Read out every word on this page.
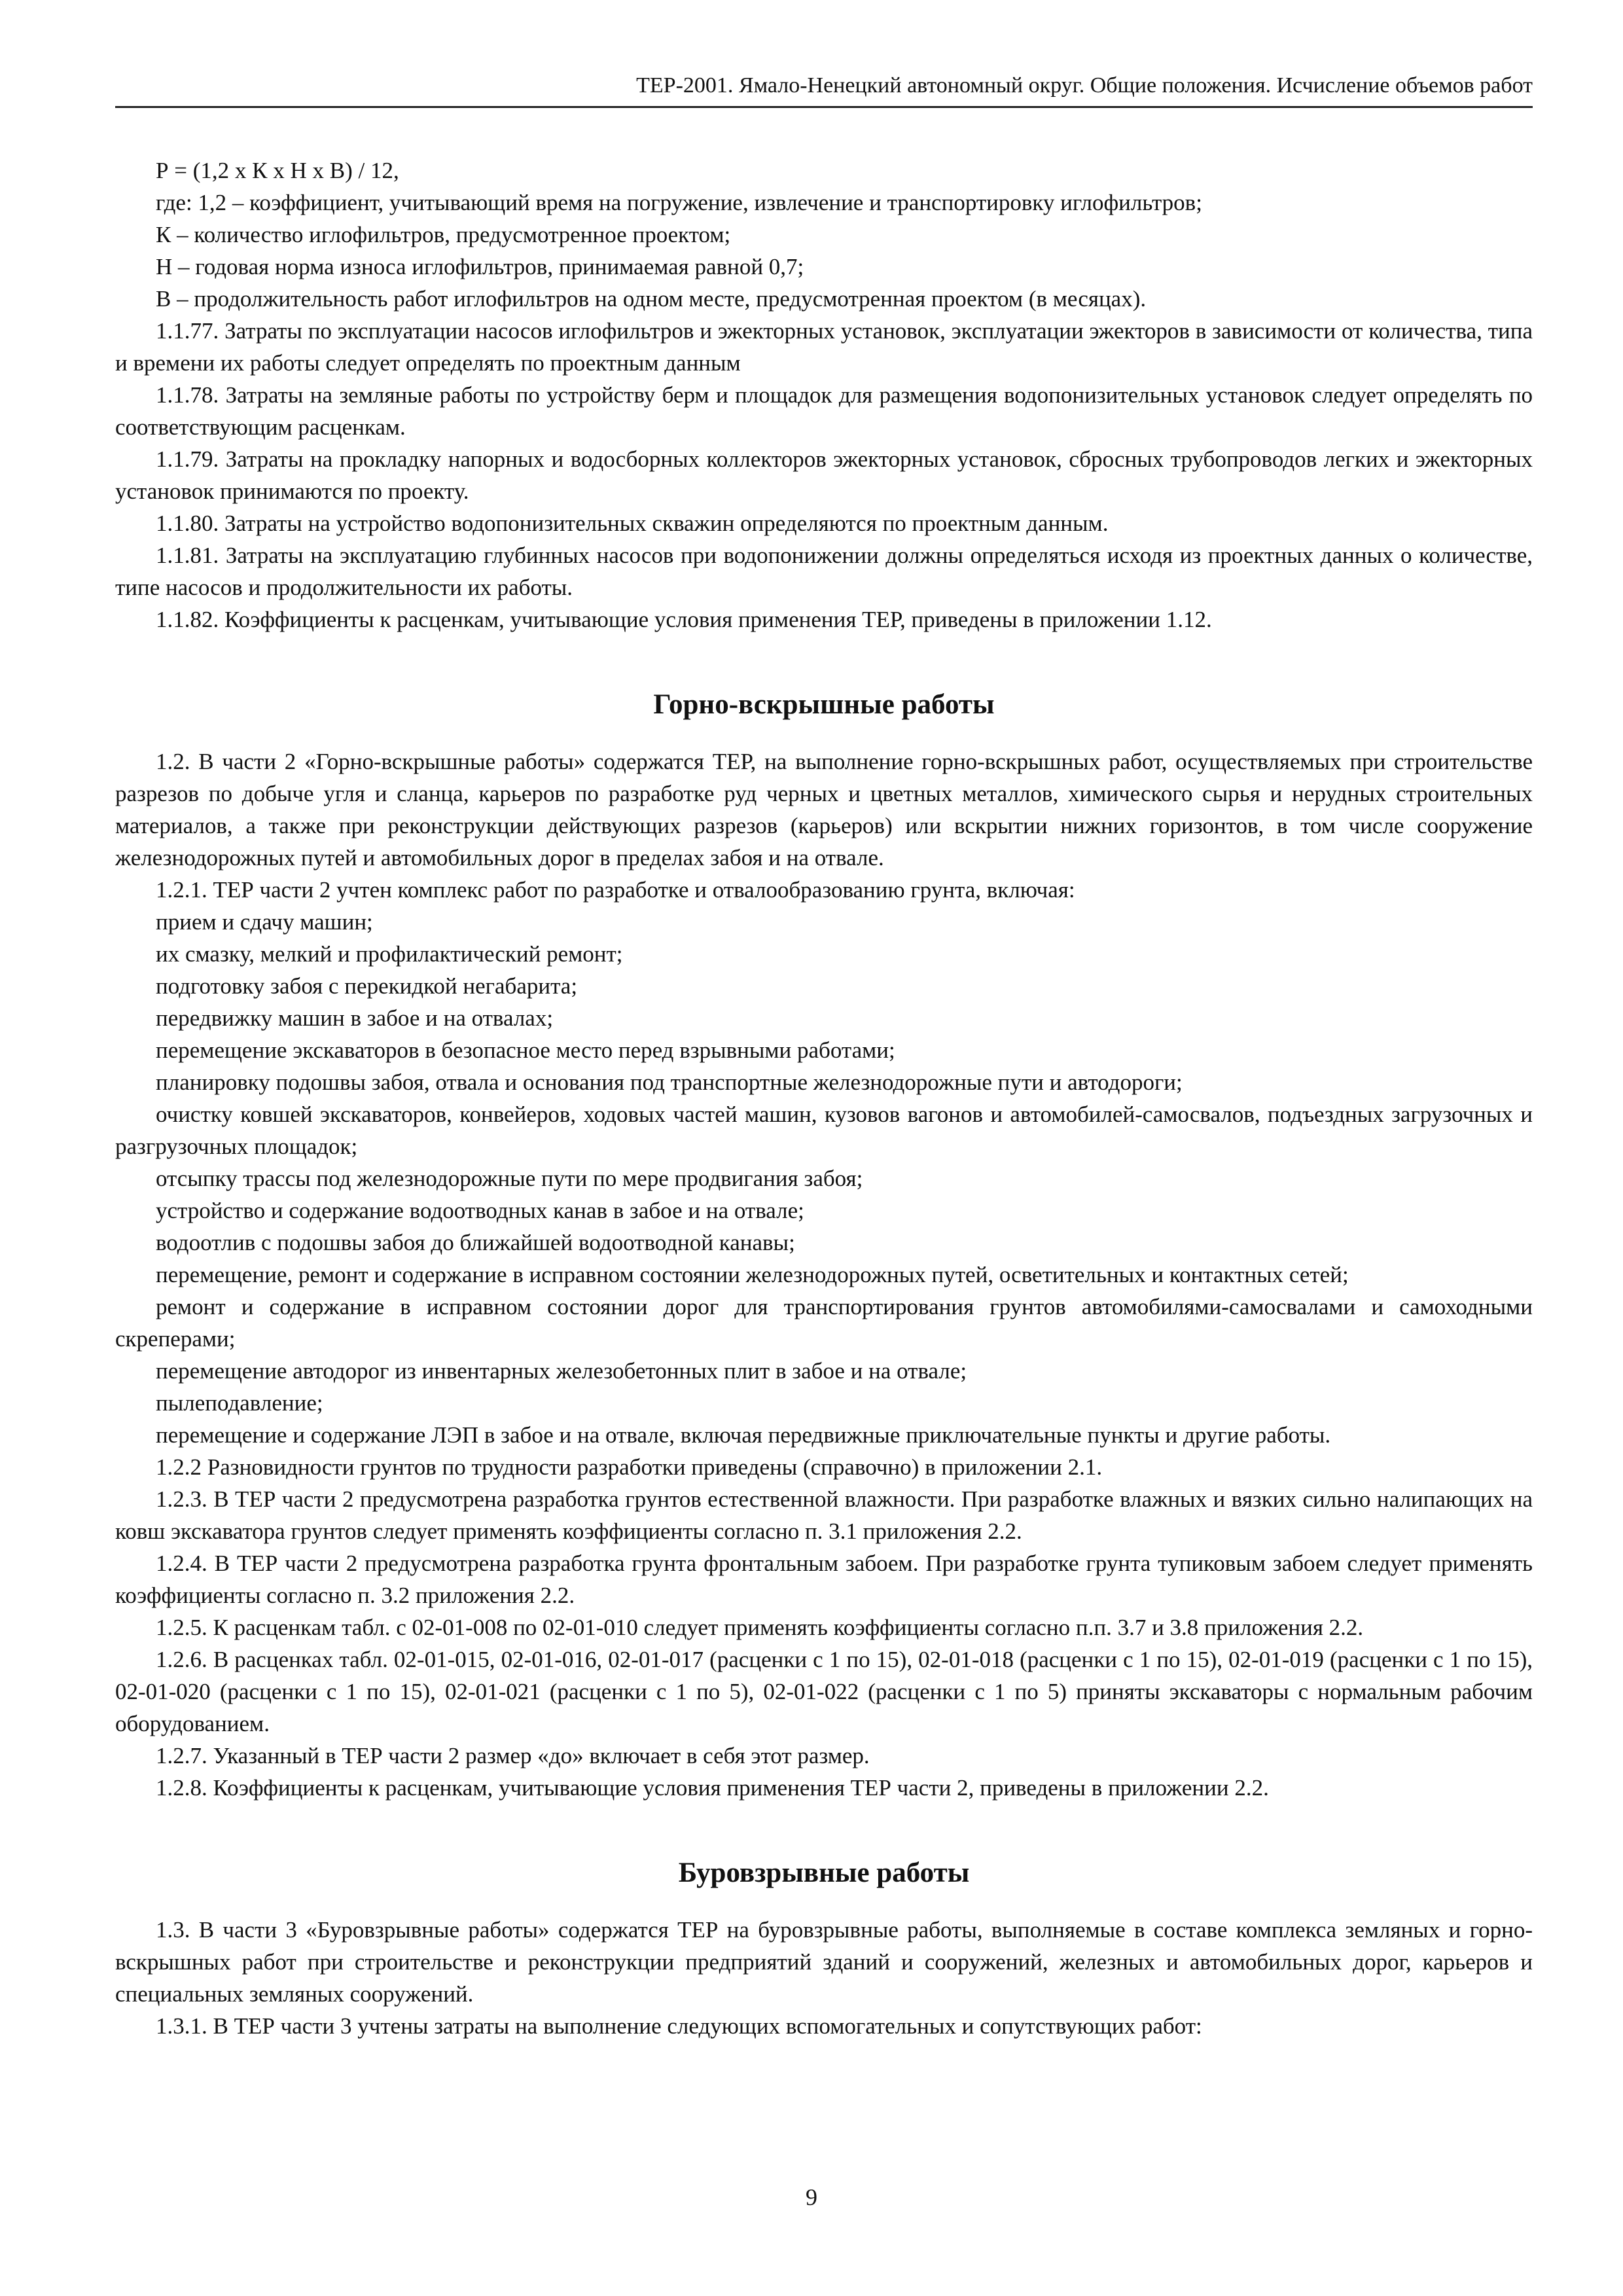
ТЕР-2001. Ямало-Ненецкий автономный округ. Общие положения. Исчисление объемов работ

Р = (1,2 х К х Н х В) / 12,

где: 1,2 – коэффициент, учитывающий время на погружение, извлечение и транспортировку иглофильтров;

К – количество иглофильтров, предусмотренное проектом;

Н – годовая норма износа иглофильтров, принимаемая равной 0,7;

В – продолжительность работ иглофильтров на одном месте, предусмотренная проектом (в месяцах).

1.1.77. Затраты по эксплуатации насосов иглофильтров и эжекторных установок, эксплуатации эжекторов в зависимости от количества, типа и времени их работы следует определять по проектным данным

1.1.78. Затраты на земляные работы по устройству берм и площадок для размещения водопонизительных установок следует определять по соответствующим расценкам.

1.1.79. Затраты на прокладку напорных и водосборных коллекторов эжекторных установок, сбросных трубопроводов легких и эжекторных установок принимаются по проекту.

1.1.80. Затраты на устройство водопонизительных скважин определяются по проектным данным.

1.1.81. Затраты на эксплуатацию глубинных насосов при водопонижении должны определяться исходя из проектных данных о количестве, типе насосов и продолжительности их работы.

1.1.82. Коэффициенты к расценкам, учитывающие условия применения ТЕР, приведены в приложении 1.12.

Горно-вскрышные работы

1.2. В части 2 «Горно-вскрышные работы» содержатся ТЕР, на выполнение горно-вскрышных работ, осуществляемых при строительстве разрезов по добыче угля и сланца, карьеров по разработке руд черных и цветных металлов, химического сырья и нерудных строительных материалов, а также при реконструкции действующих разрезов (карьеров) или вскрытии нижних горизонтов, в том числе сооружение железнодорожных путей и автомобильных дорог в пределах забоя и на отвале.

1.2.1. ТЕР части 2 учтен комплекс работ по разработке и отвалообразованию грунта, включая:

прием и сдачу машин;

их смазку, мелкий и профилактический ремонт;

подготовку забоя с перекидкой негабарита;

передвижку машин в забое и на отвалах;

перемещение экскаваторов в безопасное место перед взрывными работами;

планировку подошвы забоя, отвала и основания под транспортные железнодорожные пути и автодороги;

очистку ковшей экскаваторов, конвейеров, ходовых частей машин, кузовов вагонов и автомобилей-самосвалов, подъездных загрузочных и разгрузочных площадок;

отсыпку трассы под железнодорожные пути по мере продвигания забоя;

устройство и содержание водоотводных канав в забое и на отвале;

водоотлив с подошвы забоя до ближайшей водоотводной канавы;

перемещение, ремонт и содержание в исправном состоянии железнодорожных путей, осветительных и контактных сетей;

ремонт и содержание в исправном состоянии дорог для транспортирования грунтов автомобилями-самосвалами и самоходными скреперами;

перемещение автодорог из инвентарных железобетонных плит в забое и на отвале;

пылеподавление;

перемещение и содержание ЛЭП в забое и на отвале, включая передвижные приключательные пункты и другие работы.

1.2.2 Разновидности грунтов по трудности разработки приведены (справочно) в приложении 2.1.

1.2.3. В ТЕР части 2 предусмотрена разработка грунтов естественной влажности. При разработке влажных и вязких сильно налипающих на ковш экскаватора грунтов следует применять коэффициенты согласно п. 3.1 приложения 2.2.

1.2.4. В ТЕР части 2 предусмотрена разработка грунта фронтальным забоем. При разработке грунта тупиковым забоем следует применять коэффициенты согласно п. 3.2 приложения 2.2.

1.2.5. К расценкам табл. с 02-01-008 по 02-01-010 следует применять коэффициенты согласно п.п. 3.7 и 3.8 приложения 2.2.

1.2.6. В расценках табл. 02-01-015, 02-01-016, 02-01-017 (расценки с 1 по 15), 02-01-018 (расценки с 1 по 15), 02-01-019 (расценки с 1 по 15), 02-01-020 (расценки с 1 по 15), 02-01-021 (расценки с 1 по 5), 02-01-022 (расценки с 1 по 5) приняты экскаваторы с нормальным рабочим оборудованием.

1.2.7. Указанный в ТЕР части 2 размер «до» включает в себя этот размер.

1.2.8. Коэффициенты к расценкам, учитывающие условия применения ТЕР части 2, приведены в приложении 2.2.

Буровзрывные работы

1.3. В части 3 «Буровзрывные работы» содержатся ТЕР на буровзрывные работы, выполняемые в составе комплекса земляных и горно-вскрышных работ при строительстве и реконструкции предприятий зданий и сооружений, железных и автомобильных дорог, карьеров и специальных земляных сооружений.

1.3.1. В ТЕР части 3 учтены затраты на выполнение следующих вспомогательных и сопутствующих работ:

9
